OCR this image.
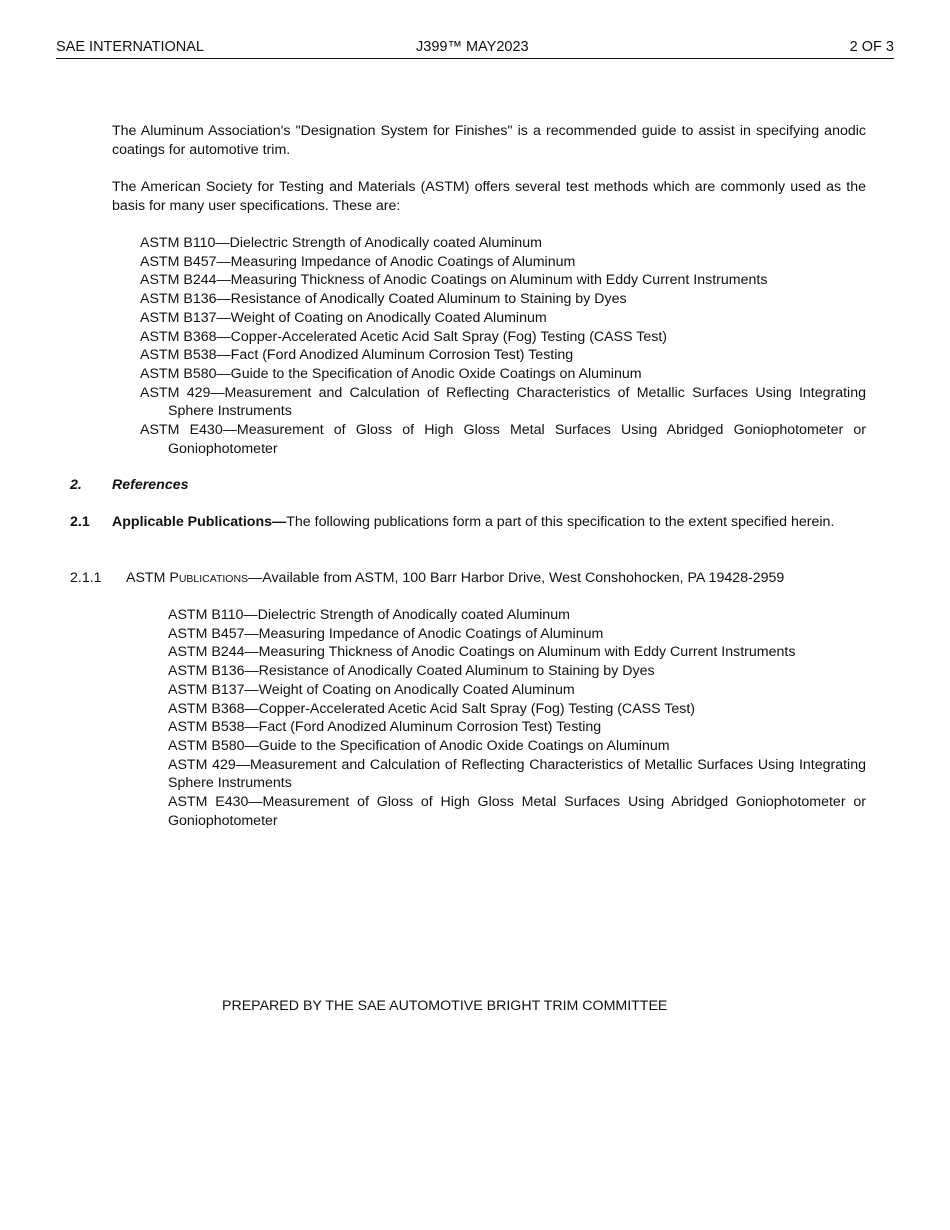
SAE INTERNATIONAL	J399™ MAY2023	2 OF 3
The Aluminum Association's "Designation System for Finishes" is a recommended guide to assist in specifying anodic coatings for automotive trim.
The American Society for Testing and Materials (ASTM) offers several test methods which are commonly used as the basis for many user specifications. These are:
ASTM B110—Dielectric Strength of Anodically coated Aluminum
ASTM B457—Measuring Impedance of Anodic Coatings of Aluminum
ASTM B244—Measuring Thickness of Anodic Coatings on Aluminum with Eddy Current Instruments
ASTM B136—Resistance of Anodically Coated Aluminum to Staining by Dyes
ASTM B137—Weight of Coating on Anodically Coated Aluminum
ASTM B368—Copper-Accelerated Acetic Acid Salt Spray (Fog) Testing (CASS Test)
ASTM B538—Fact (Ford Anodized Aluminum Corrosion Test) Testing
ASTM B580—Guide to the Specification of Anodic Oxide Coatings on Aluminum
ASTM 429—Measurement and Calculation of Reflecting Characteristics of Metallic Surfaces Using Integrating Sphere Instruments
ASTM E430—Measurement of Gloss of High Gloss Metal Surfaces Using Abridged Goniophotometer or Goniophotometer
2. References
2.1 Applicable Publications—The following publications form a part of this specification to the extent specified herein.
2.1.1 ASTM PUBLICATIONS—Available from ASTM, 100 Barr Harbor Drive, West Conshohocken, PA 19428-2959
ASTM B110—Dielectric Strength of Anodically coated Aluminum
ASTM B457—Measuring Impedance of Anodic Coatings of Aluminum
ASTM B244—Measuring Thickness of Anodic Coatings on Aluminum with Eddy Current Instruments
ASTM B136—Resistance of Anodically Coated Aluminum to Staining by Dyes
ASTM B137—Weight of Coating on Anodically Coated Aluminum
ASTM B368—Copper-Accelerated Acetic Acid Salt Spray (Fog) Testing (CASS Test)
ASTM B538—Fact (Ford Anodized Aluminum Corrosion Test) Testing
ASTM B580—Guide to the Specification of Anodic Oxide Coatings on Aluminum
ASTM 429—Measurement and Calculation of Reflecting Characteristics of Metallic Surfaces Using Integrating Sphere Instruments
ASTM E430—Measurement of Gloss of High Gloss Metal Surfaces Using Abridged Goniophotometer or Goniophotometer
PREPARED BY THE SAE AUTOMOTIVE BRIGHT TRIM COMMITTEE
